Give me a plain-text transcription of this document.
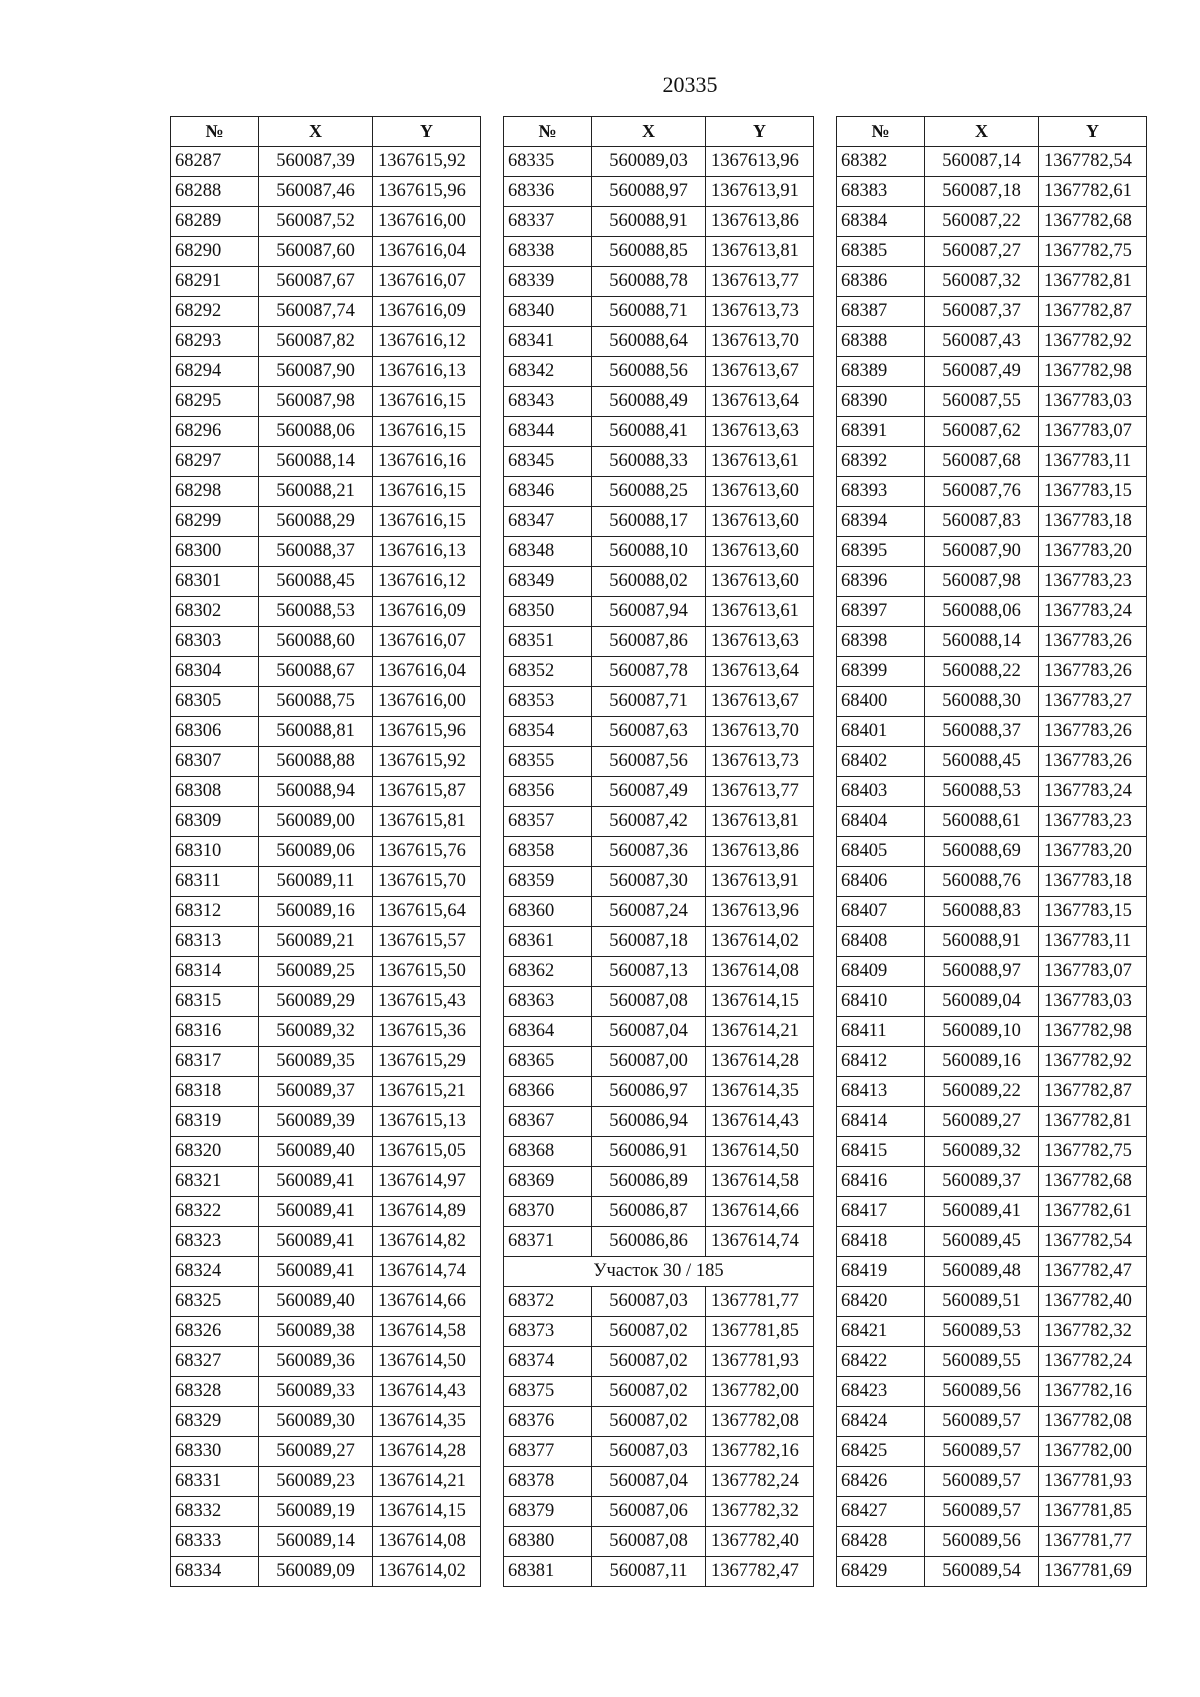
20335
№	X	Y
68287	560087,39	1367615,92
68288	560087,46	1367615,96
68289	560087,52	1367616,00
68290	560087,60	1367616,04
68291	560087,67	1367616,07
68292	560087,74	1367616,09
68293	560087,82	1367616,12
68294	560087,90	1367616,13
68295	560087,98	1367616,15
68296	560088,06	1367616,15
68297	560088,14	1367616,16
68298	560088,21	1367616,15
68299	560088,29	1367616,15
68300	560088,37	1367616,13
68301	560088,45	1367616,12
68302	560088,53	1367616,09
68303	560088,60	1367616,07
68304	560088,67	1367616,04
68305	560088,75	1367616,00
68306	560088,81	1367615,96
68307	560088,88	1367615,92
68308	560088,94	1367615,87
68309	560089,00	1367615,81
68310	560089,06	1367615,76
68311	560089,11	1367615,70
68312	560089,16	1367615,64
68313	560089,21	1367615,57
68314	560089,25	1367615,50
68315	560089,29	1367615,43
68316	560089,32	1367615,36
68317	560089,35	1367615,29
68318	560089,37	1367615,21
68319	560089,39	1367615,13
68320	560089,40	1367615,05
68321	560089,41	1367614,97
68322	560089,41	1367614,89
68323	560089,41	1367614,82
68324	560089,41	1367614,74
68325	560089,40	1367614,66
68326	560089,38	1367614,58
68327	560089,36	1367614,50
68328	560089,33	1367614,43
68329	560089,30	1367614,35
68330	560089,27	1367614,28
68331	560089,23	1367614,21
68332	560089,19	1367614,15
68333	560089,14	1367614,08
68334	560089,09	1367614,02
№	X	Y
68335	560089,03	1367613,96
68336	560088,97	1367613,91
68337	560088,91	1367613,86
68338	560088,85	1367613,81
68339	560088,78	1367613,77
68340	560088,71	1367613,73
68341	560088,64	1367613,70
68342	560088,56	1367613,67
68343	560088,49	1367613,64
68344	560088,41	1367613,63
68345	560088,33	1367613,61
68346	560088,25	1367613,60
68347	560088,17	1367613,60
68348	560088,10	1367613,60
68349	560088,02	1367613,60
68350	560087,94	1367613,61
68351	560087,86	1367613,63
68352	560087,78	1367613,64
68353	560087,71	1367613,67
68354	560087,63	1367613,70
68355	560087,56	1367613,73
68356	560087,49	1367613,77
68357	560087,42	1367613,81
68358	560087,36	1367613,86
68359	560087,30	1367613,91
68360	560087,24	1367613,96
68361	560087,18	1367614,02
68362	560087,13	1367614,08
68363	560087,08	1367614,15
68364	560087,04	1367614,21
68365	560087,00	1367614,28
68366	560086,97	1367614,35
68367	560086,94	1367614,43
68368	560086,91	1367614,50
68369	560086,89	1367614,58
68370	560086,87	1367614,66
68371	560086,86	1367614,74
Участок 30 / 185		
68372	560087,03	1367781,77
68373	560087,02	1367781,85
68374	560087,02	1367781,93
68375	560087,02	1367782,00
68376	560087,02	1367782,08
68377	560087,03	1367782,16
68378	560087,04	1367782,24
68379	560087,06	1367782,32
68380	560087,08	1367782,40
68381	560087,11	1367782,47
№	X	Y
68382	560087,14	1367782,54
68383	560087,18	1367782,61
68384	560087,22	1367782,68
68385	560087,27	1367782,75
68386	560087,32	1367782,81
68387	560087,37	1367782,87
68388	560087,43	1367782,92
68389	560087,49	1367782,98
68390	560087,55	1367783,03
68391	560087,62	1367783,07
68392	560087,68	1367783,11
68393	560087,76	1367783,15
68394	560087,83	1367783,18
68395	560087,90	1367783,20
68396	560087,98	1367783,23
68397	560088,06	1367783,24
68398	560088,14	1367783,26
68399	560088,22	1367783,26
68400	560088,30	1367783,27
68401	560088,37	1367783,26
68402	560088,45	1367783,26
68403	560088,53	1367783,24
68404	560088,61	1367783,23
68405	560088,69	1367783,20
68406	560088,76	1367783,18
68407	560088,83	1367783,15
68408	560088,91	1367783,11
68409	560088,97	1367783,07
68410	560089,04	1367783,03
68411	560089,10	1367782,98
68412	560089,16	1367782,92
68413	560089,22	1367782,87
68414	560089,27	1367782,81
68415	560089,32	1367782,75
68416	560089,37	1367782,68
68417	560089,41	1367782,61
68418	560089,45	1367782,54
68419	560089,48	1367782,47
68420	560089,51	1367782,40
68421	560089,53	1367782,32
68422	560089,55	1367782,24
68423	560089,56	1367782,16
68424	560089,57	1367782,08
68425	560089,57	1367782,00
68426	560089,57	1367781,93
68427	560089,57	1367781,85
68428	560089,56	1367781,77
68429	560089,54	1367781,69
